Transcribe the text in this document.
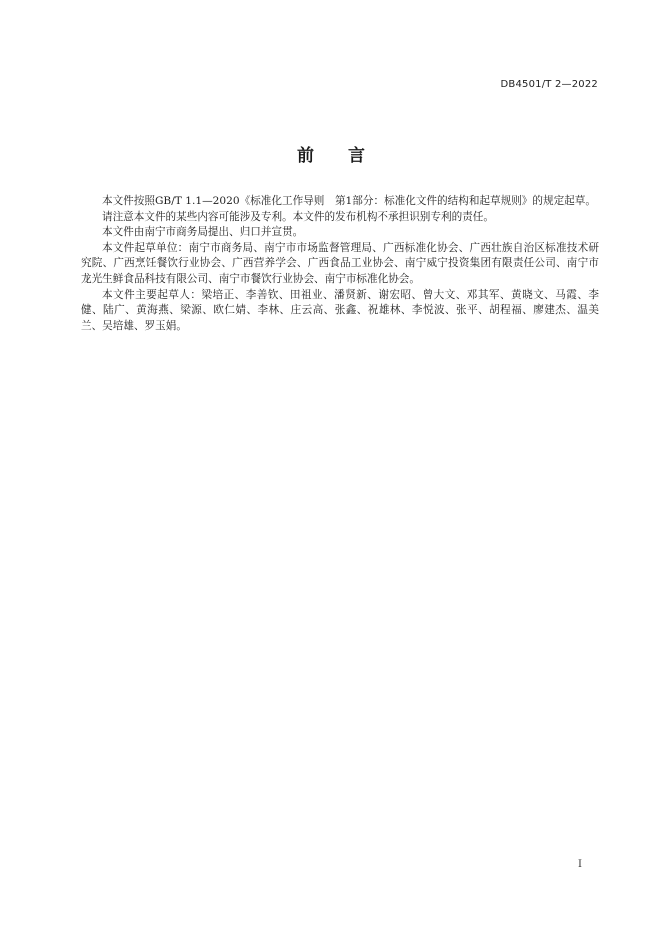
DB4501/T 2—2022

前 言

本文件按照GB/T 1.1—2020《标准化工作导则　第1部分：标准化文件的结构和起草规则》的规定起草。

请注意本文件的某些内容可能涉及专利。本文件的发布机构不承担识别专利的责任。

本文件由南宁市商务局提出、归口并宣贯。

本文件起草单位：南宁市商务局、南宁市市场监督管理局、广西标准化协会、广西壮族自治区标准技术研究院、广西烹饪餐饮行业协会、广西营养学会、广西食品工业协会、南宁威宁投资集团有限责任公司、南宁市龙光生鲜食品科技有限公司、南宁市餐饮行业协会、南宁市标准化协会。

本文件主要起草人：梁培正、李善钦、田祖业、潘贤新、谢宏昭、曾大文、邓其军、黄晓文、马霞、李健、陆广、黄海燕、梁源、欧仁婧、李林、庄云高、张鑫、祝雄林、李悦波、张平、胡程福、廖建杰、温美兰、吴培雄、罗玉娟。

I
